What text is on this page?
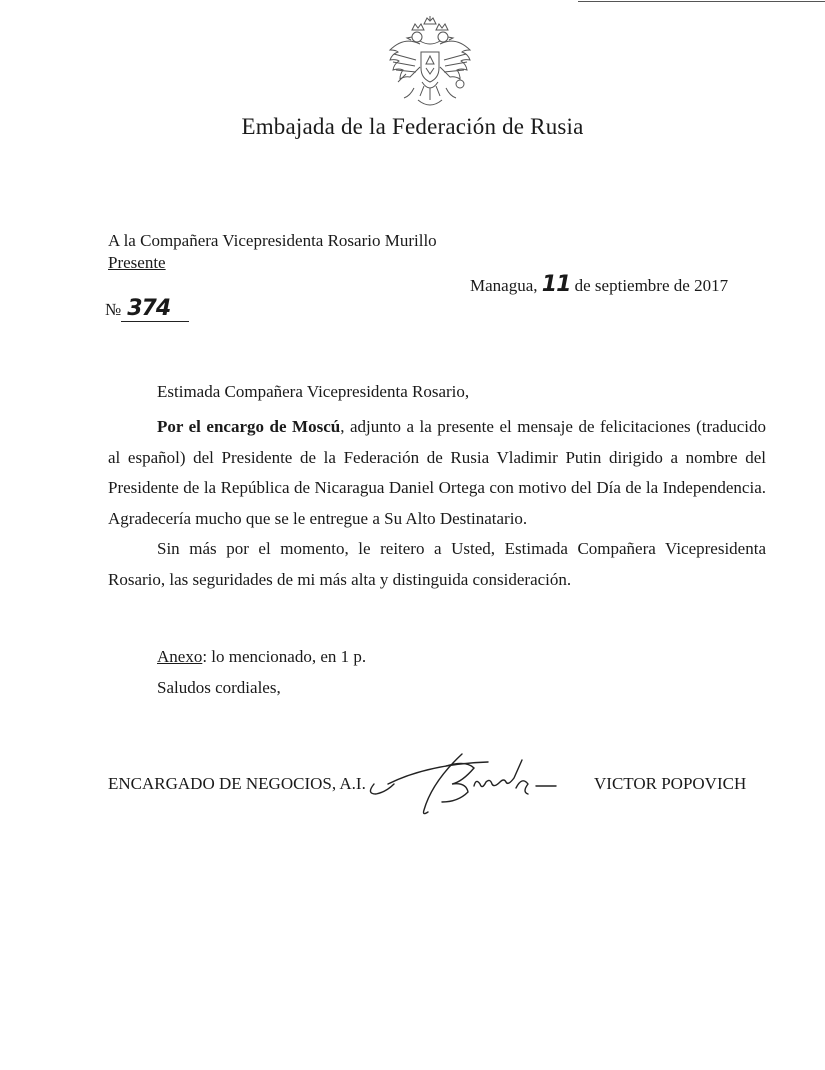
Embajada de la Federación de Rusia
A la Compañera Vicepresidenta Rosario Murillo
Presente
Managua, 11 de septiembre de 2017
№ 374
Estimada Compañera Vicepresidenta Rosario,

Por el encargo de Moscú, adjunto a la presente el mensaje de felicitaciones (traducido al español) del Presidente de la Federación de Rusia Vladimir Putin dirigido a nombre del Presidente de la República de Nicaragua Daniel Ortega con motivo del Día de la Independencia. Agradecería mucho que se le entregue a Su Alto Destinatario.

Sin más por el momento, le reitero a Usted, Estimada Compañera Vicepresidenta Rosario, las seguridades de mi más alta y distinguida consideración.

Anexo: lo mencionado, en 1 p.
Saludos cordiales,
ENCARGADO DE NEGOCIOS, A.I.	VICTOR POPOVICH
